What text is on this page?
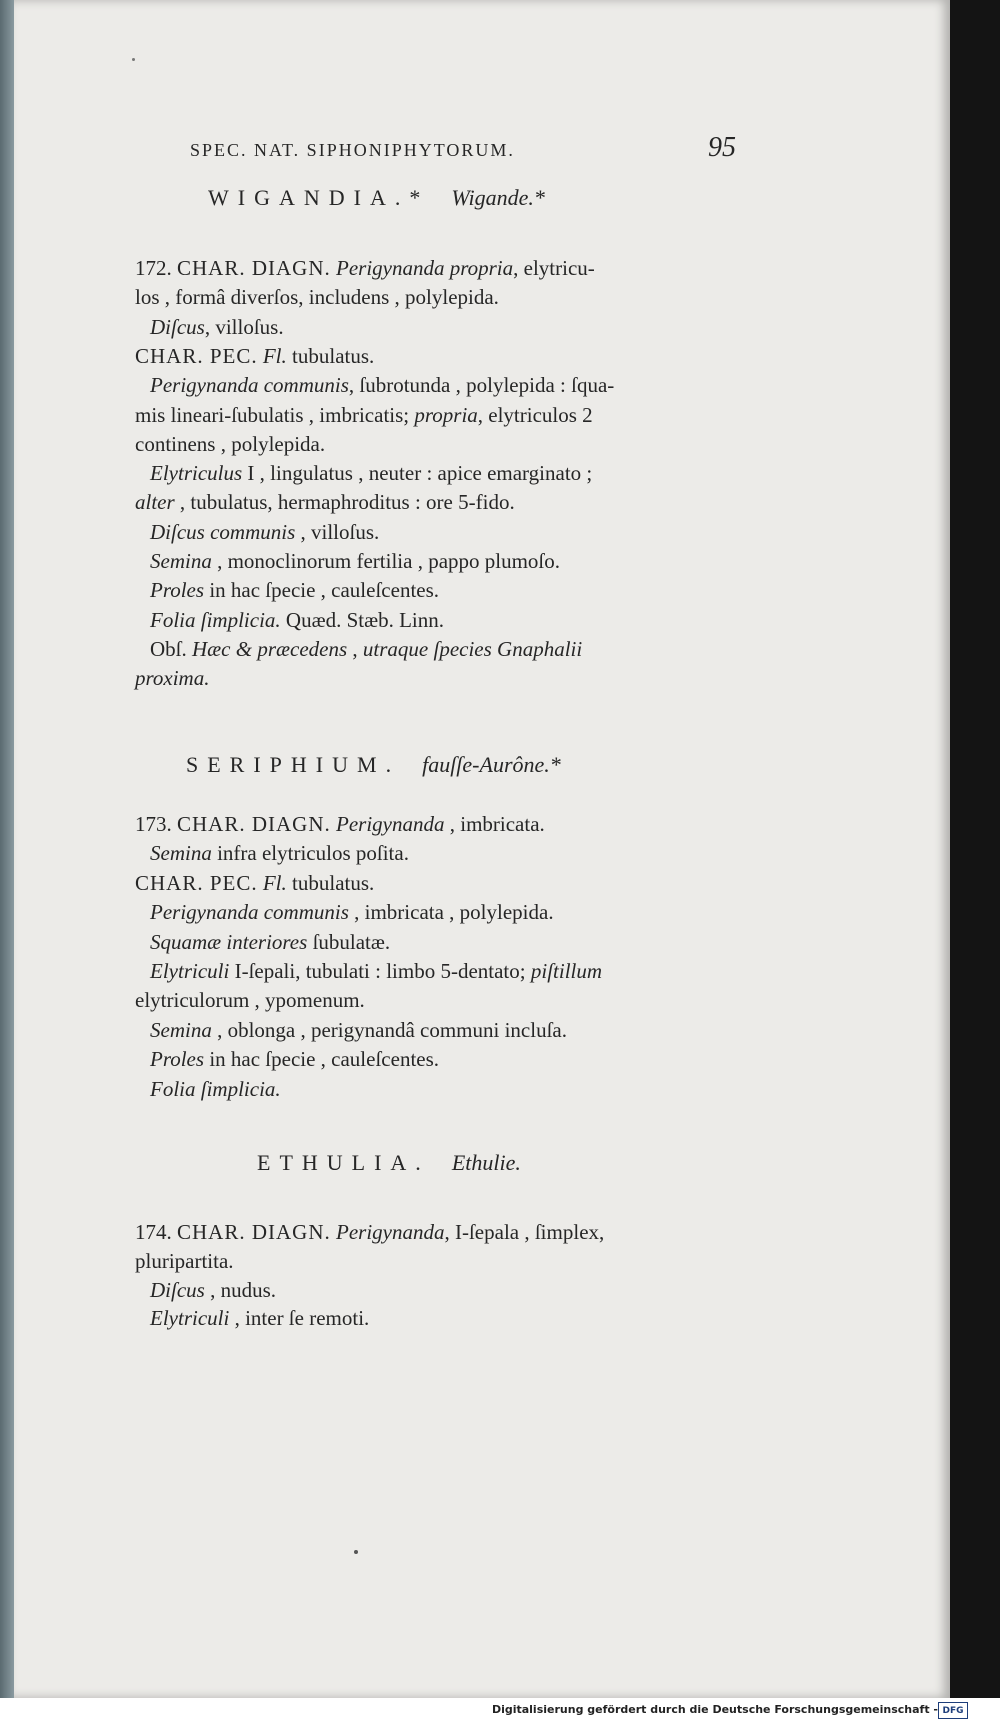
SPEC. NAT. SIPHONIPHYTORUM.	95
WIGANDIA.* Wigande.*
172. CHAR. DIAGN. Perigynanda propria, elytricu-
los , formâ diverſos, includens , polylepida.
Diſcus, villoſus.
CHAR. PEC. Fl. tubulatus.
Perigynanda communis, ſubrotunda , polylepida : ſqua-
mis lineari-ſubulatis , imbricatis; propria, elytriculos 2
continens , polylepida.
Elytriculus I , lingulatus , neuter : apice emarginato ;
alter , tubulatus, hermaphroditus : ore 5-fido.
Diſcus communis , villoſus.
Semina , monoclinorum fertilia , pappo plumoſo.
Proles in hac ſpecie , cauleſcentes.
Folia ſimplicia. Quæd. Stæb. Linn.
Obſ. Hæc & præcedens , utraque ſpecies Gnaphalii
proxima.
SERIPHIUM. fauſſe-Aurône.*
173. CHAR. DIAGN. Perigynanda , imbricata.
Semina infra elytriculos poſita.
CHAR. PEC. Fl. tubulatus.
Perigynanda communis , imbricata , polylepida.
Squamæ interiores ſubulatæ.
Elytriculi I-ſepali, tubulati : limbo 5-dentato; piſtillum
elytriculorum , ypomenum.
Semina , oblonga , perigynandâ communi incluſa.
Proles in hac ſpecie , cauleſcentes.
Folia ſimplicia.
ETHULIA. Ethulie.
174. CHAR. DIAGN. Perigynanda, I-ſepala , ſimplex,
pluripartita.
Diſcus , nudus.
Elytriculi , inter ſe remoti.
Digitalisierung gefördert durch die Deutsche Forschungsgemeinschaft - DFG
